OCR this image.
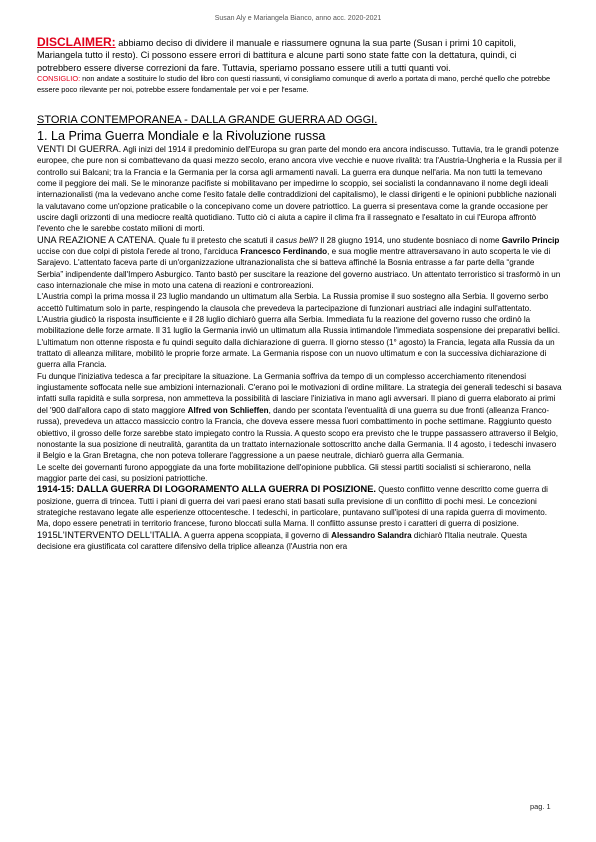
Susan Aly e Mariangela Bianco, anno acc. 2020-2021

DISCLAIMER: abbiamo deciso di dividere il manuale e riassumere ognuna la sua parte (Susan i primi 10 capitoli, Mariangela tutto il resto). Ci possono essere errori di battitura e alcune parti sono state fatte con la dettatura, quindi, ci potrebbero essere diverse correzioni da fare. Tuttavia, speriamo possano essere utili a tutti quanti voi.

CONSIGLIO: non andate a sostituire lo studio del libro con questi riassunti, vi consigliamo comunque di averlo a portata di mano, perché quello che potrebbe essere poco rilevante per noi, potrebbe essere fondamentale per voi e per l'esame.

STORIA CONTEMPORANEA - DALLA GRANDE GUERRA AD OGGI.
1. La Prima Guerra Mondiale e la Rivoluzione russa

VENTI DI GUERRA. Agli inizi del 1914 il predominio dell'Europa su gran parte del mondo era ancora indiscusso. Tuttavia, tra le grandi potenze europee, che pure non si combattevano da quasi mezzo secolo, erano ancora vive vecchie e nuove rivalità: tra l'Austria-Ungheria e la Russia per il controllo sui Balcani; tra la Francia e la Germania per la corsa agli armamenti navali. La guerra era dunque nell'aria. Ma non tutti la temevano come il peggiore dei mali. Se le minoranze pacifiste si mobilitavano per impedirne lo scoppio, sei socialisti la condannavano il nome degli ideali internazionalisti (ma la vedevano anche come l'esito fatale delle contraddizioni del capitalismo), le classi dirigenti e le opinioni pubbliche nazionali la valutavano come un'opzione praticabile o la concepivano come un dovere patriottico. La guerra si presentava come la grande occasione per uscire dagli orizzonti di una mediocre realtà quotidiano. Tutto ciò ci aiuta a capire il clima fra il rassegnato e l'esaltato in cui l'Europa affrontò l'evento che le sarebbe costato milioni di morti.

UNA REAZIONE A CATENA. Quale fu il pretesto che scatutì il casus belli? Il 28 giugno 1914, uno studente bosniaco di nome Gavrilo Princip uccise con due colpi di pistola l'erede al trono, l'arciduca Francesco Ferdinando, e sua moglie mentre attraversavano in auto scoperta le vie di Sarajevo. L'attentato faceva parte di un'organizzazione ultranazionalista che si batteva affinché la Bosnia entrasse a far parte della “grande Serbia” indipendente dall'Impero Asburgico. Tanto bastò per suscitare la reazione del governo austriaco. Un attentato terroristico si trasformò in un caso internazionale che mise in moto una catena di reazioni e controreazioni.

L'Austria compì la prima mossa il 23 luglio mandando un ultimatum alla Serbia. La Russia promise il suo sostegno alla Serbia. Il governo serbo accettò l'ultimatum solo in parte, respingendo la clausola che prevedeva la partecipazione di funzionari austriaci alle indagini sull'attentato. L'Austria giudicò la risposta insufficiente e il 28 luglio dichiarò guerra alla Serbia. Immediata fu la reazione del governo russo che ordinò la mobilitazione delle forze armate. Il 31 luglio la Germania inviò un ultimatum alla Russia intimandole l'immediata sospensione dei preparativi bellici. L'ultimatum non ottenne risposta e fu quindi seguito dalla dichiarazione di guerra. Il giorno stesso (1° agosto) la Francia, legata alla Russia da un trattato di alleanza militare, mobilitò le proprie forze armate. La Germania rispose con un nuovo ultimatum e con la successiva dichiarazione di guerra alla Francia.

Fu dunque l'iniziativa tedesca a far precipitare la situazione. La Germania soffriva da tempo di un complesso accerchiamento ritenendosi ingiustamente soffocata nelle sue ambizioni internazionali. C'erano poi le motivazioni di ordine militare. La strategia dei generali tedeschi si basava infatti sulla rapidità e sulla sorpresa, non ammetteva la possibilità di lasciare l'iniziativa in mano agli avversari. Il piano di guerra elaborato ai primi del '900 dall'allora capo di stato maggiore Alfred von Schlieffen, dando per scontata l'eventualità di una guerra su due fronti (alleanza Franco-russa), prevedeva un attacco massiccio contro la Francia, che doveva essere messa fuori combattimento in poche settimane. Raggiunto questo obiettivo, il grosso delle forze sarebbe stato impiegato contro la Russia. A questo scopo era previsto che le truppe passassero attraverso il Belgio, nonostante la sua posizione di neutralità, garantita da un trattato internazionale sottoscritto anche dalla Germania. Il 4 agosto, i tedeschi invasero il Belgio e la Gran Bretagna, che non poteva tollerare l'aggressione a un paese neutrale, dichiarò guerra alla Germania.

Le scelte dei governanti furono appoggiate da una forte mobilitazione dell'opinione pubblica. Gli stessi partiti socialisti si schierarono, nella maggior parte dei casi, su posizioni patriottiche.

1914-15: DALLA GUERRA DI LOGORAMENTO ALLA GUERRA DI POSIZIONE. Questo conflitto venne descritto come guerra di posizione, guerra di trincea. Tutti i piani di guerra dei vari paesi erano stati basati sulla previsione di un conflitto di pochi mesi. Le concezioni strategiche restavano legate alle esperienze ottocentesche. I tedeschi, in particolare, puntavano sull'ipotesi di una rapida guerra di movimento. Ma, dopo essere penetrati in territorio francese, furono bloccati sulla Marna. Il conflitto assunse presto i caratteri di guerra di posizione.

1915L'INTERVENTO DELL'ITALIA. A guerra appena scoppiata, il governo di Alessandro Salandra dichiarò l'Italia neutrale. Questa decisione era giustificata col carattere difensivo della triplice alleanza (l'Austria non era

pag. 1
